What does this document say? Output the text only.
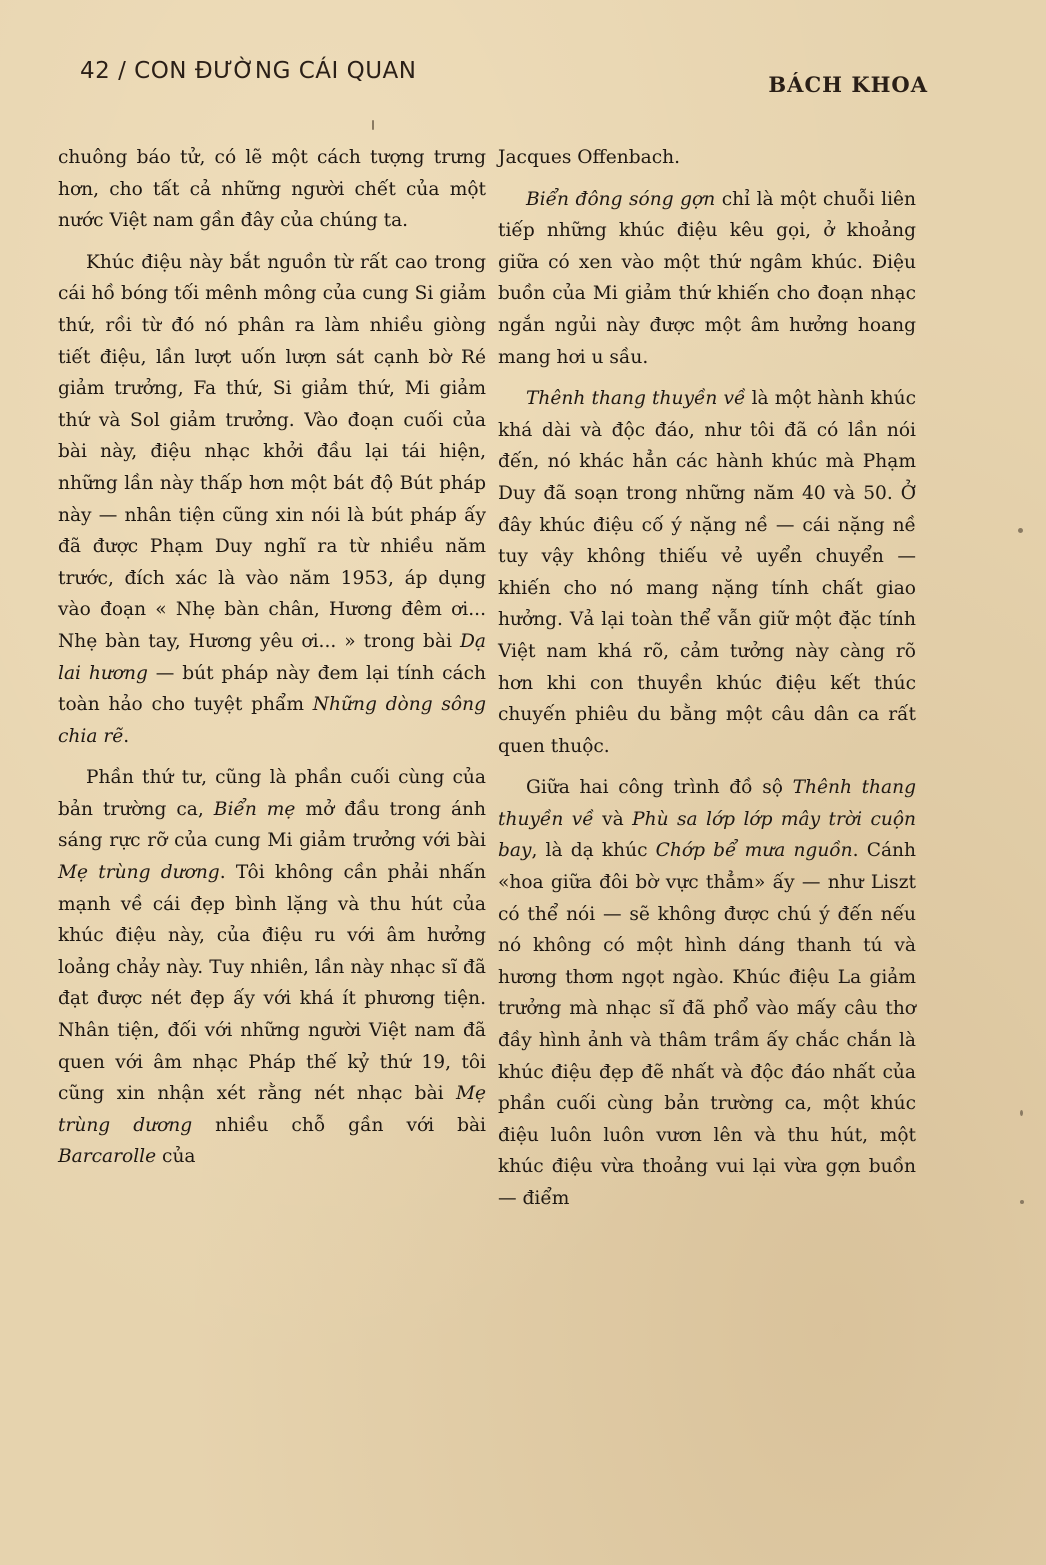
42 / CON ĐƯỜNG CÁI QUAN
BÁCH KHOA

chuông báo tử, có lẽ một cách tượng trưng hơn, cho tất cả những người chết của một nước Việt nam gần đây của chúng ta.

Khúc điệu này bắt nguồn từ rất cao trong cái hồ bóng tối mênh mông của cung Si giảm thứ, rồi từ đó nó phân ra làm nhiều giòng tiết điệu, lần lượt uốn lượn sát cạnh bờ Ré giảm trưởng, Fa thứ, Si giảm thứ, Mi giảm thứ và Sol giảm trưởng. Vào đoạn cuối của bài này, điệu nhạc khởi đầu lại tái hiện, những lần này thấp hơn một bát độ Bút pháp này — nhân tiện cũng xin nói là bút pháp ấy đã được Phạm Duy nghĩ ra từ nhiều năm trước, đích xác là vào năm 1953, áp dụng vào đoạn « Nhẹ bàn chân, Hương đêm ơi... Nhẹ bàn tay, Hương yêu ơi... » trong bài Dạ lai hương — bút pháp này đem lại tính cách toàn hảo cho tuyệt phẩm Những dòng sông chia rẽ.

Phần thứ tư, cũng là phần cuối cùng của bản trường ca, Biển mẹ mở đầu trong ánh sáng rực rỡ của cung Mi giảm trưởng với bài Mẹ trùng dương. Tôi không cần phải nhấn mạnh về cái đẹp bình lặng và thu hút của khúc điệu này, của điệu ru với âm hưởng loảng chảy này. Tuy nhiên, lần này nhạc sĩ đã đạt được nét đẹp ấy với khá ít phương tiện. Nhân tiện, đối với những người Việt nam đã quen với âm nhạc Pháp thế kỷ thứ 19, tôi cũng xin nhận xét rằng nét nhạc bài Mẹ trùng dương nhiều chỗ gần với bài Barcarolle của

Jacques Offenbach.

Biển đông sóng gợn chỉ là một chuỗi liên tiếp những khúc điệu kêu gọi, ở khoảng giữa có xen vào một thứ ngâm khúc. Điệu buồn của Mi giảm thứ khiến cho đoạn nhạc ngắn ngủi này được một âm hưởng hoang mang hơi u sầu.

Thênh thang thuyền về là một hành khúc khá dài và độc đáo, như tôi đã có lần nói đến, nó khác hẳn các hành khúc mà Phạm Duy đã soạn trong những năm 40 và 50. Ở đây khúc điệu cố ý nặng nề — cái nặng nề tuy vậy không thiếu vẻ uyển chuyển — khiến cho nó mang nặng tính chất giao hưởng. Vả lại toàn thể vẫn giữ một đặc tính Việt nam khá rõ, cảm tưởng này càng rõ hơn khi con thuyền khúc điệu kết thúc chuyến phiêu du bằng một câu dân ca rất quen thuộc.

Giữa hai công trình đồ sộ Thênh thang thuyền về và Phù sa lớp lớp mây trời cuộn bay, là dạ khúc Chớp bể mưa nguồn. Cánh «hoa giữa đôi bờ vực thẳm» ấy — như Liszt có thể nói — sẽ không được chú ý đến nếu nó không có một hình dáng thanh tú và hương thơm ngọt ngào. Khúc điệu La giảm trưởng mà nhạc sĩ đã phổ vào mấy câu thơ đầy hình ảnh và thâm trầm ấy chắc chắn là khúc điệu đẹp đẽ nhất và độc đáo nhất của phần cuối cùng bản trường ca, một khúc điệu luôn luôn vươn lên và thu hút, một khúc điệu vừa thoảng vui lại vừa gợn buồn — điểm
